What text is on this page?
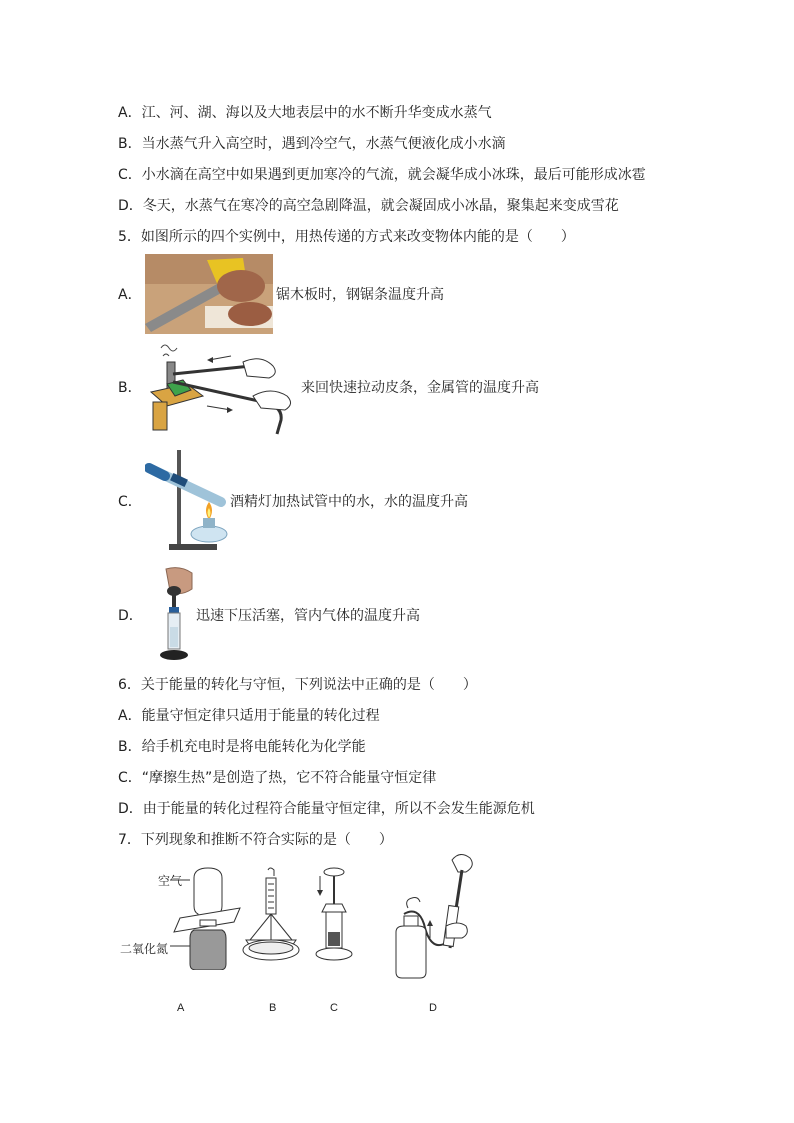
A．江、河、湖、海以及大地表层中的水不断升华变成水蒸气
B．当水蒸气升入高空时，遇到冷空气，水蒸气便液化成小水滴
C．小水滴在高空中如果遇到更加寒冷的气流，就会凝华成小冰珠，最后可能形成冰雹
D．冬天，水蒸气在寒冷的高空急剧降温，就会凝固成小冰晶，聚集起来变成雪花
5．如图所示的四个实例中，用热传递的方式来改变物体内能的是（　　）
A．	锯木板时，钢锯条温度升高
B．	来回快速拉动皮条，金属管的温度升高
C．	酒精灯加热试管中的水，水的温度升高
D．	迅速下压活塞，管内气体的温度升高
6．关于能量的转化与守恒，下列说法中正确的是（　　）
A．能量守恒定律只适用于能量的转化过程
B．给手机充电时是将电能转化为化学能
C．“摩擦生热”是创造了热，它不符合能量守恒定律
D．由于能量的转化过程符合能量守恒定律，所以不会发生能源危机
7．下列现象和推断不符合实际的是（　　）
空气
二氧化氮
A	B	C	D
